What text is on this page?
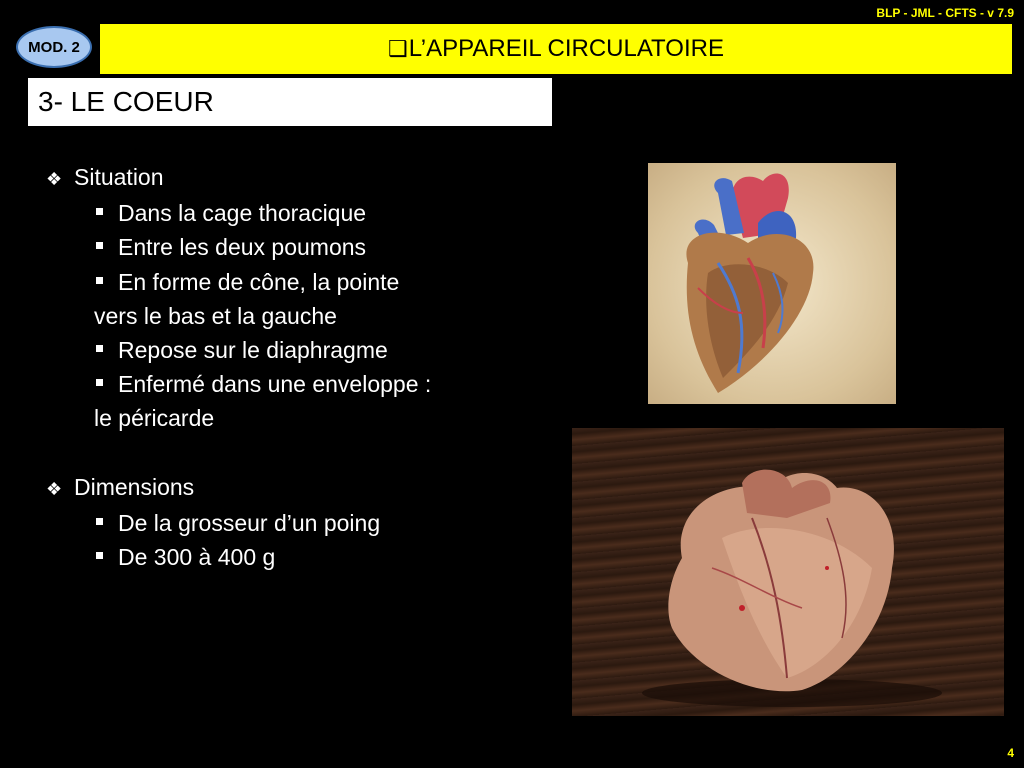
BLP - JML - CFTS - v 7.9
MOD. 2	❑ L’APPAREIL CIRCULATOIRE
3- LE COEUR
❖ Situation
Dans la cage thoracique
Entre les deux poumons
En forme de cône, la pointe
vers le bas et la gauche
Repose sur le diaphragme
Enfermé dans une enveloppe :
le péricarde
❖ Dimensions
De la grosseur d’un poing
De 300 à 400 g
4
